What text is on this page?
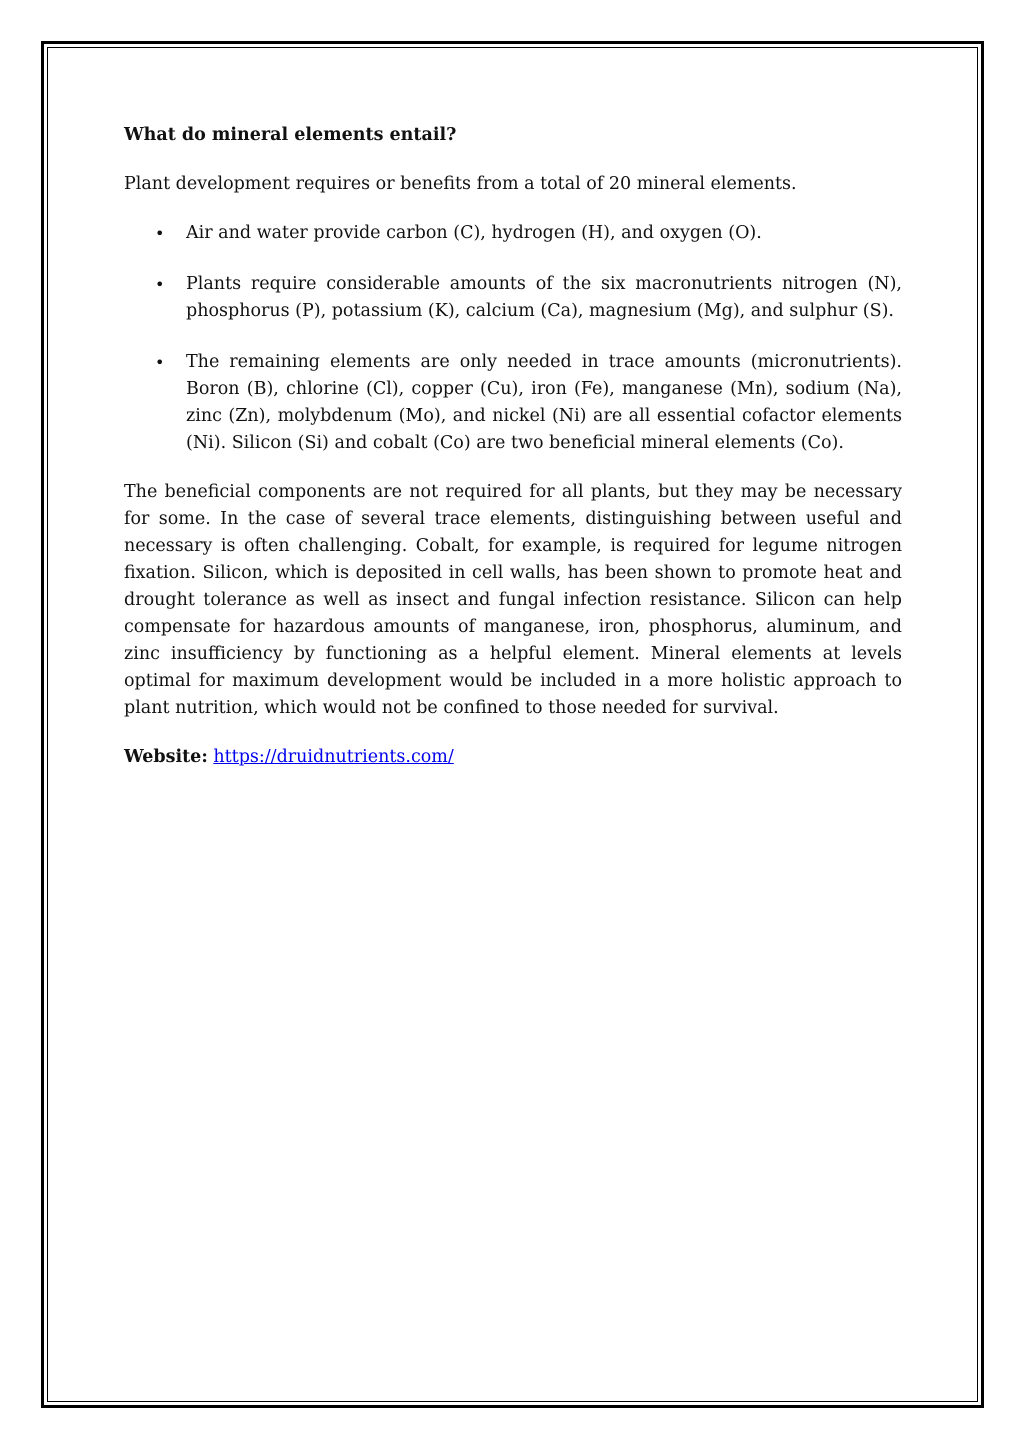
What do mineral elements entail?

Plant development requires or benefits from a total of 20 mineral elements.

• Air and water provide carbon (C), hydrogen (H), and oxygen (O).
• Plants require considerable amounts of the six macronutrients nitrogen (N), phosphorus (P), potassium (K), calcium (Ca), magnesium (Mg), and sulphur (S).
• The remaining elements are only needed in trace amounts (micronutrients). Boron (B), chlorine (Cl), copper (Cu), iron (Fe), manganese (Mn), sodium (Na), zinc (Zn), molybdenum (Mo), and nickel (Ni) are all essential cofactor elements (Ni). Silicon (Si) and cobalt (Co) are two beneficial mineral elements (Co).

The beneficial components are not required for all plants, but they may be necessary for some. In the case of several trace elements, distinguishing between useful and necessary is often challenging. Cobalt, for example, is required for legume nitrogen fixation. Silicon, which is deposited in cell walls, has been shown to promote heat and drought tolerance as well as insect and fungal infection resistance. Silicon can help compensate for hazardous amounts of manganese, iron, phosphorus, aluminum, and zinc insufficiency by functioning as a helpful element. Mineral elements at levels optimal for maximum development would be included in a more holistic approach to plant nutrition, which would not be confined to those needed for survival.

Website: https://druidnutrients.com/
